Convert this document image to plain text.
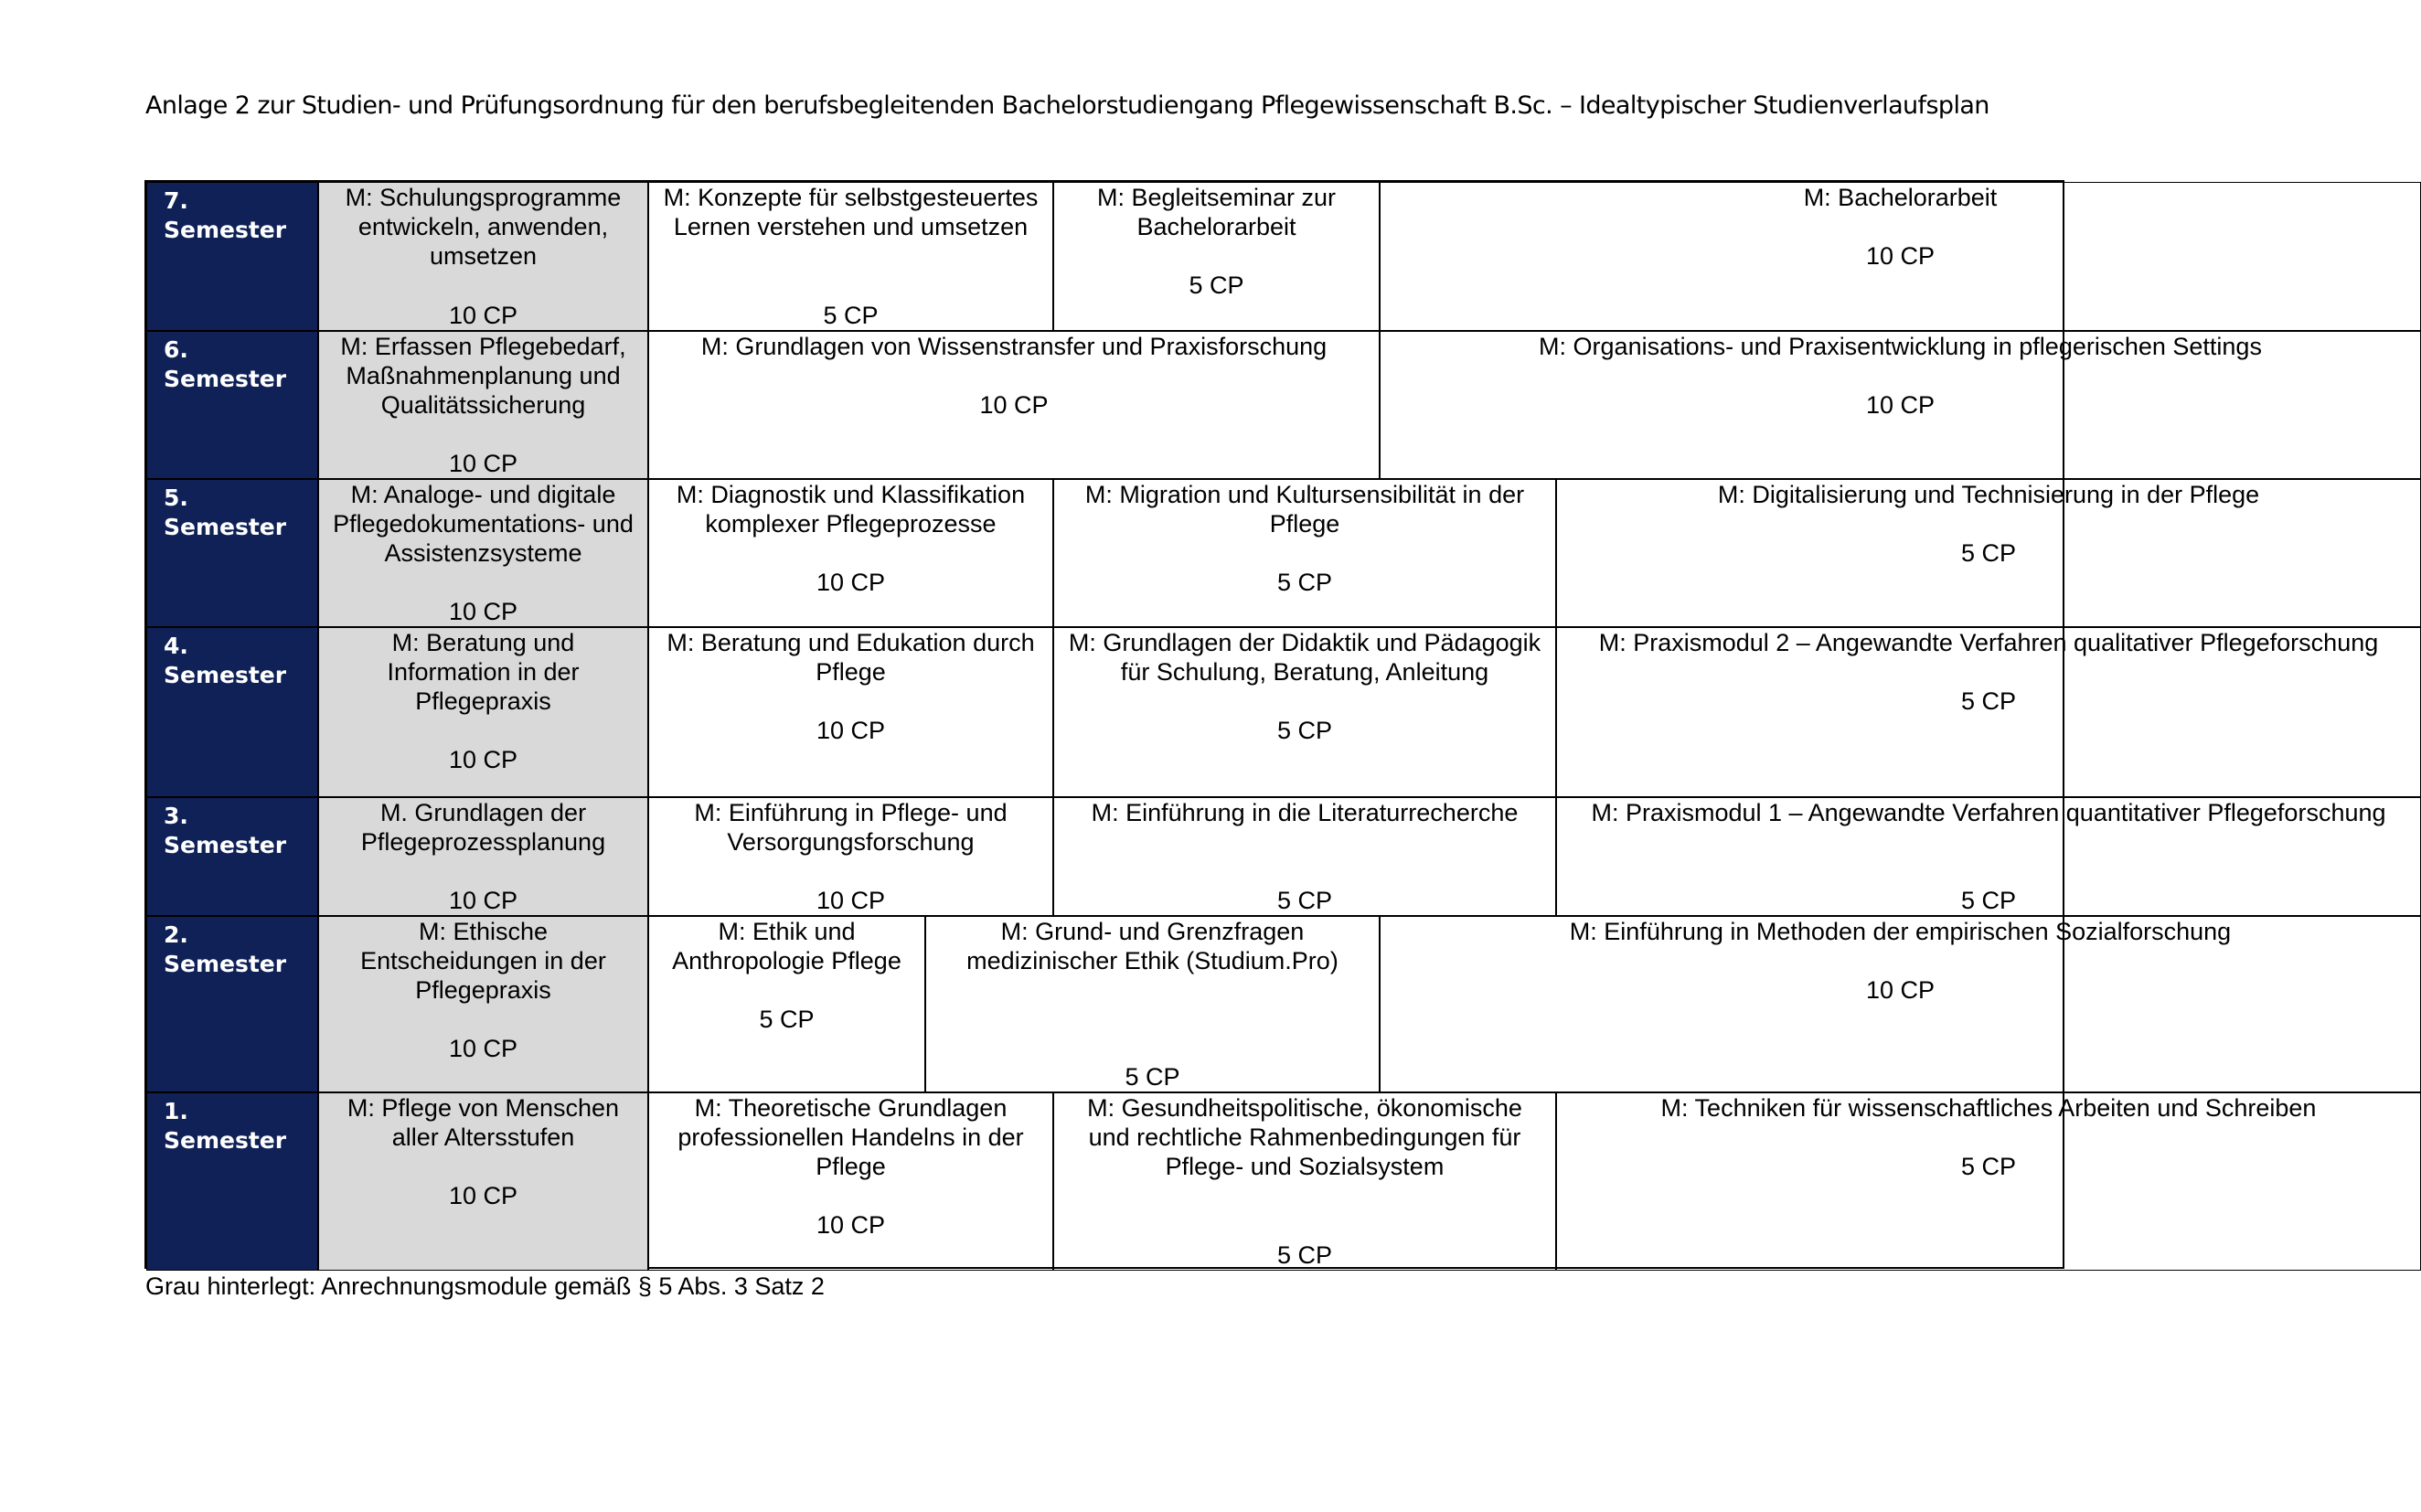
Anlage 2 zur Studien- und Prüfungsordnung für den berufsbegleitenden Bachelorstudiengang Pflegewissenschaft B.Sc. – Idealtypischer Studienverlaufsplan
7. Semester
M: Schulungsprogramme entwickeln, anwenden, umsetzen
10 CP
M: Konzepte für selbstgesteuertes Lernen verstehen und umsetzen
5 CP
M: Begleitseminar zur Bachelorarbeit
5 CP
M: Bachelorarbeit
10 CP
6. Semester
M: Erfassen Pflegebedarf, Maßnahmenplanung und Qualitätssicherung
10 CP
M: Grundlagen von Wissenstransfer und Praxisforschung
10 CP
M: Organisations- und Praxisentwicklung in pflegerischen Settings
10 CP
5. Semester
M: Analoge- und digitale Pflegedokumentations- und Assistenzsysteme
10 CP
M: Diagnostik und Klassifikation komplexer Pflegeprozesse
10 CP
M: Migration und Kultursensibilität in der Pflege
5 CP
M: Digitalisierung und Technisierung in der Pflege
5 CP
4. Semester
M: Beratung und Information in der Pflegepraxis
10 CP
M: Beratung und Edukation durch Pflege
10 CP
M: Grundlagen der Didaktik und Pädagogik für Schulung, Beratung, Anleitung
5 CP
M: Praxismodul 2 – Angewandte Verfahren qualitativer Pflegeforschung
5 CP
3. Semester
M. Grundlagen der Pflegeprozessplanung
10 CP
M: Einführung in Pflege- und Versorgungsforschung
10 CP
M: Einführung in die Literaturrecherche
5 CP
M: Praxismodul 1 – Angewandte Verfahren quantitativer Pflegeforschung
5 CP
2. Semester
M: Ethische Entscheidungen in der Pflegepraxis
10 CP
M: Ethik und Anthropologie Pflege
5 CP
M: Grund- und Grenzfragen medizinischer Ethik (Studium.Pro)
5 CP
M: Einführung in Methoden der empirischen Sozialforschung
10 CP
1. Semester
M: Pflege von Menschen aller Altersstufen
10 CP
M: Theoretische Grundlagen professionellen Handelns in der Pflege
10 CP
M: Gesundheitspolitische, ökonomische und rechtliche Rahmenbedingungen für Pflege- und Sozialsystem
5 CP
M: Techniken für wissenschaftliches Arbeiten und Schreiben
5 CP
Grau hinterlegt: Anrechnungsmodule gemäß § 5 Abs. 3 Satz 2
